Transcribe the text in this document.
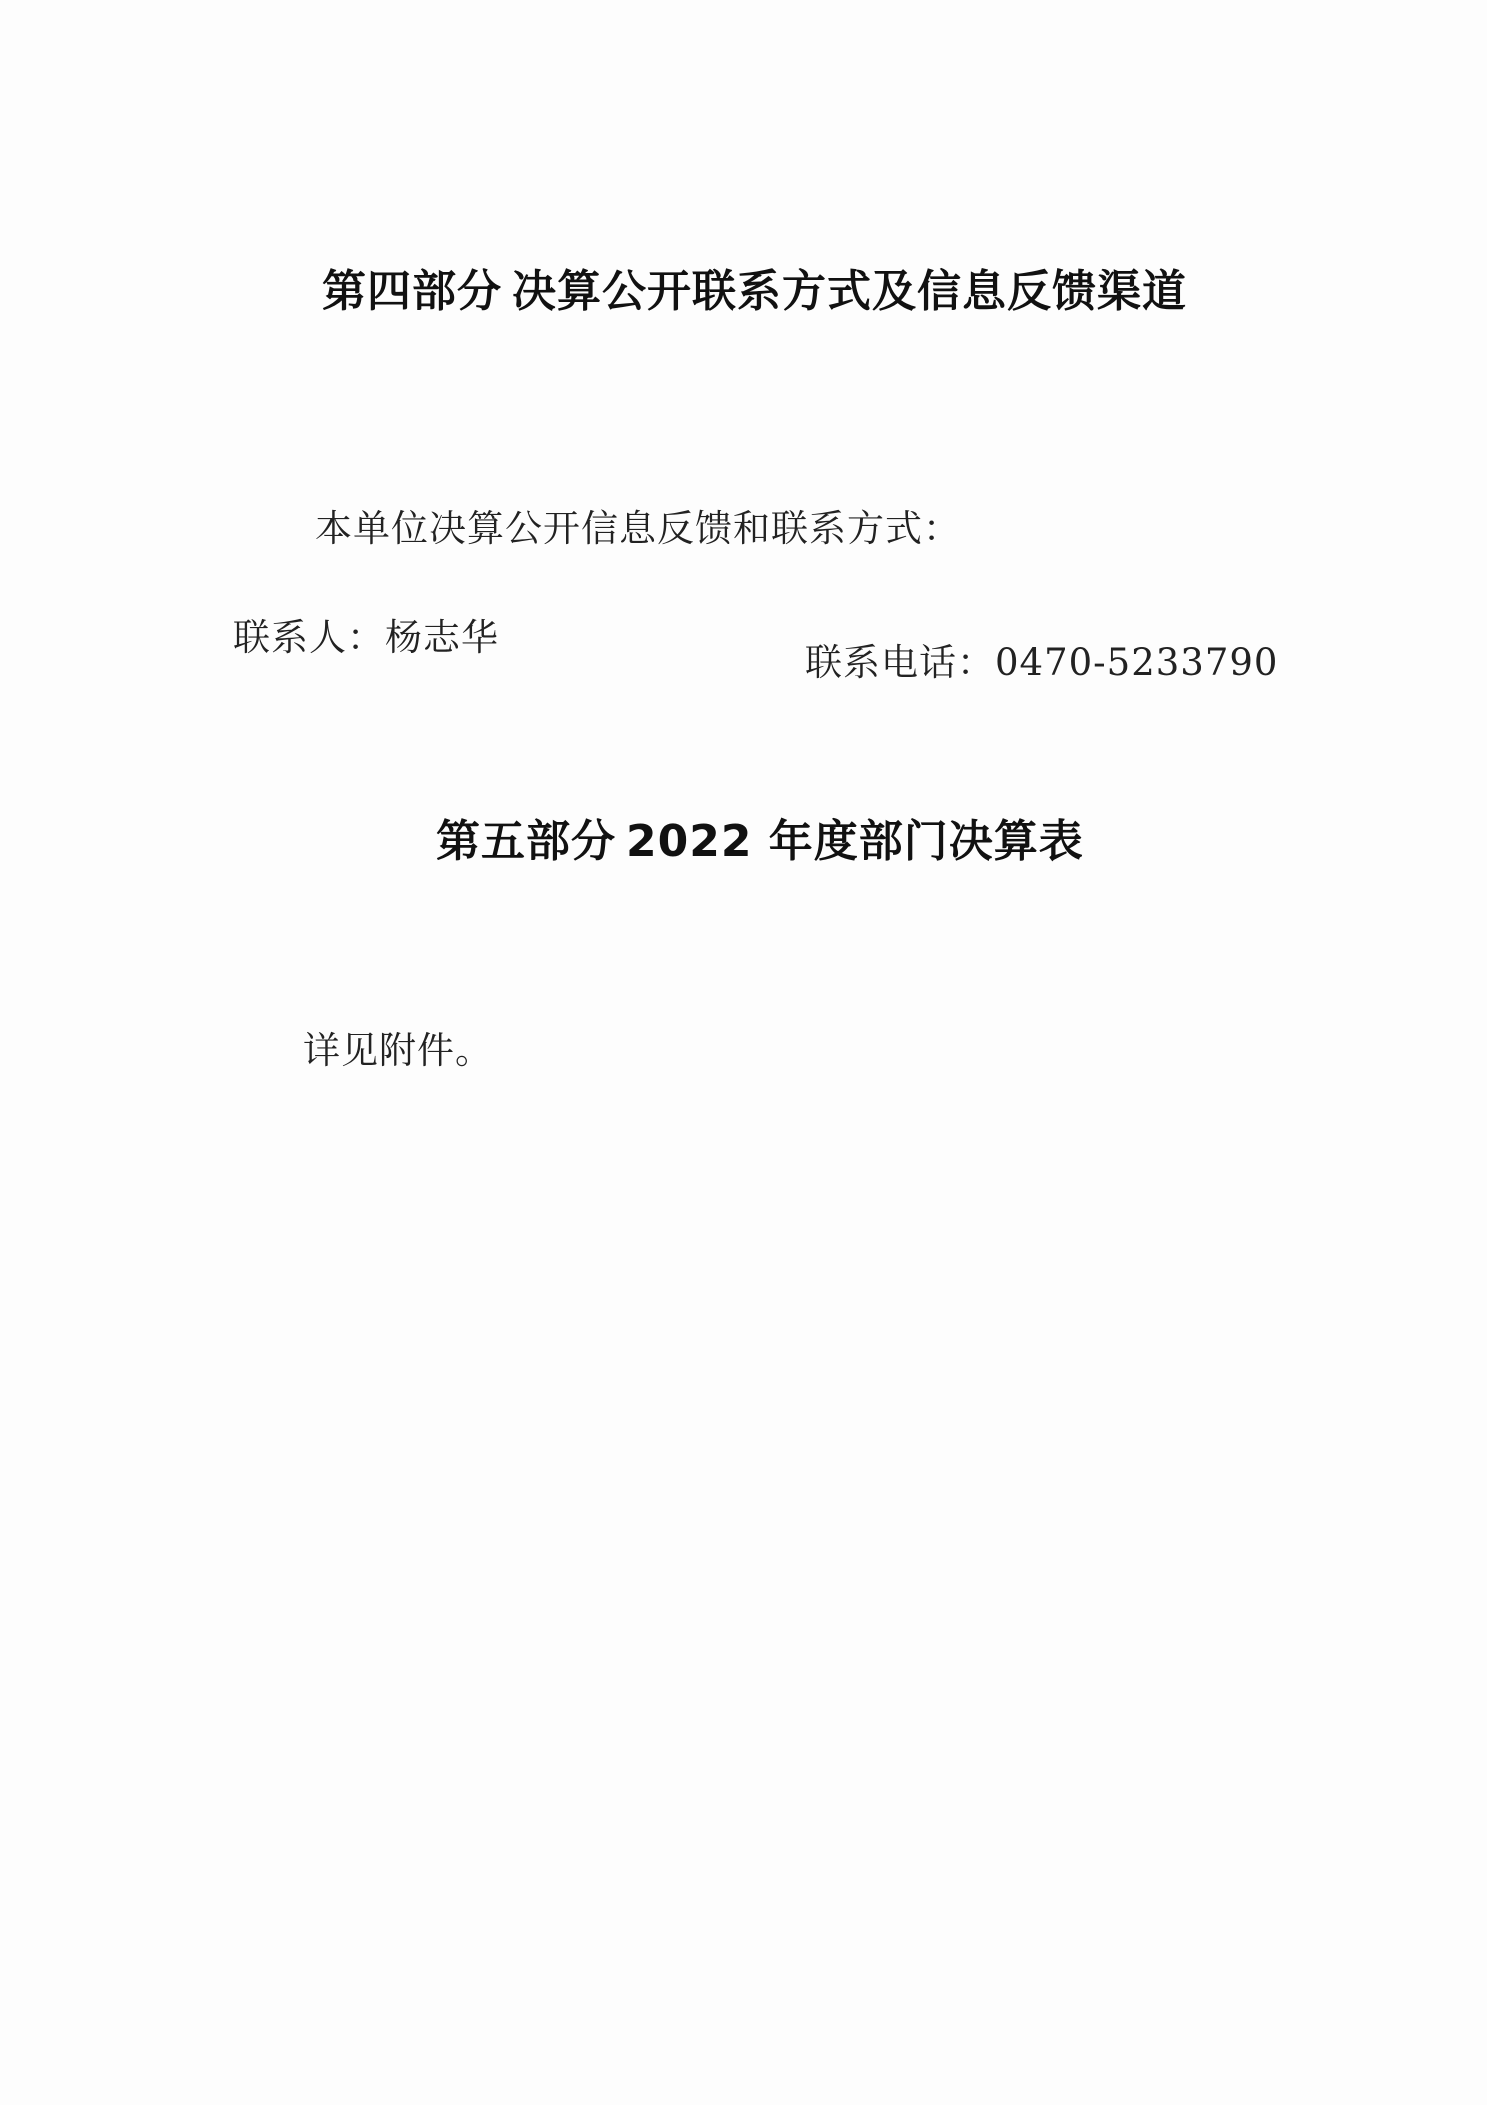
第四部分 决算公开联系方式及信息反馈渠道
本单位决算公开信息反馈和联系方式：
联系人：杨志华
联系电话：0470-5233790
第五部分 2022 年度部门决算表
详见附件。
